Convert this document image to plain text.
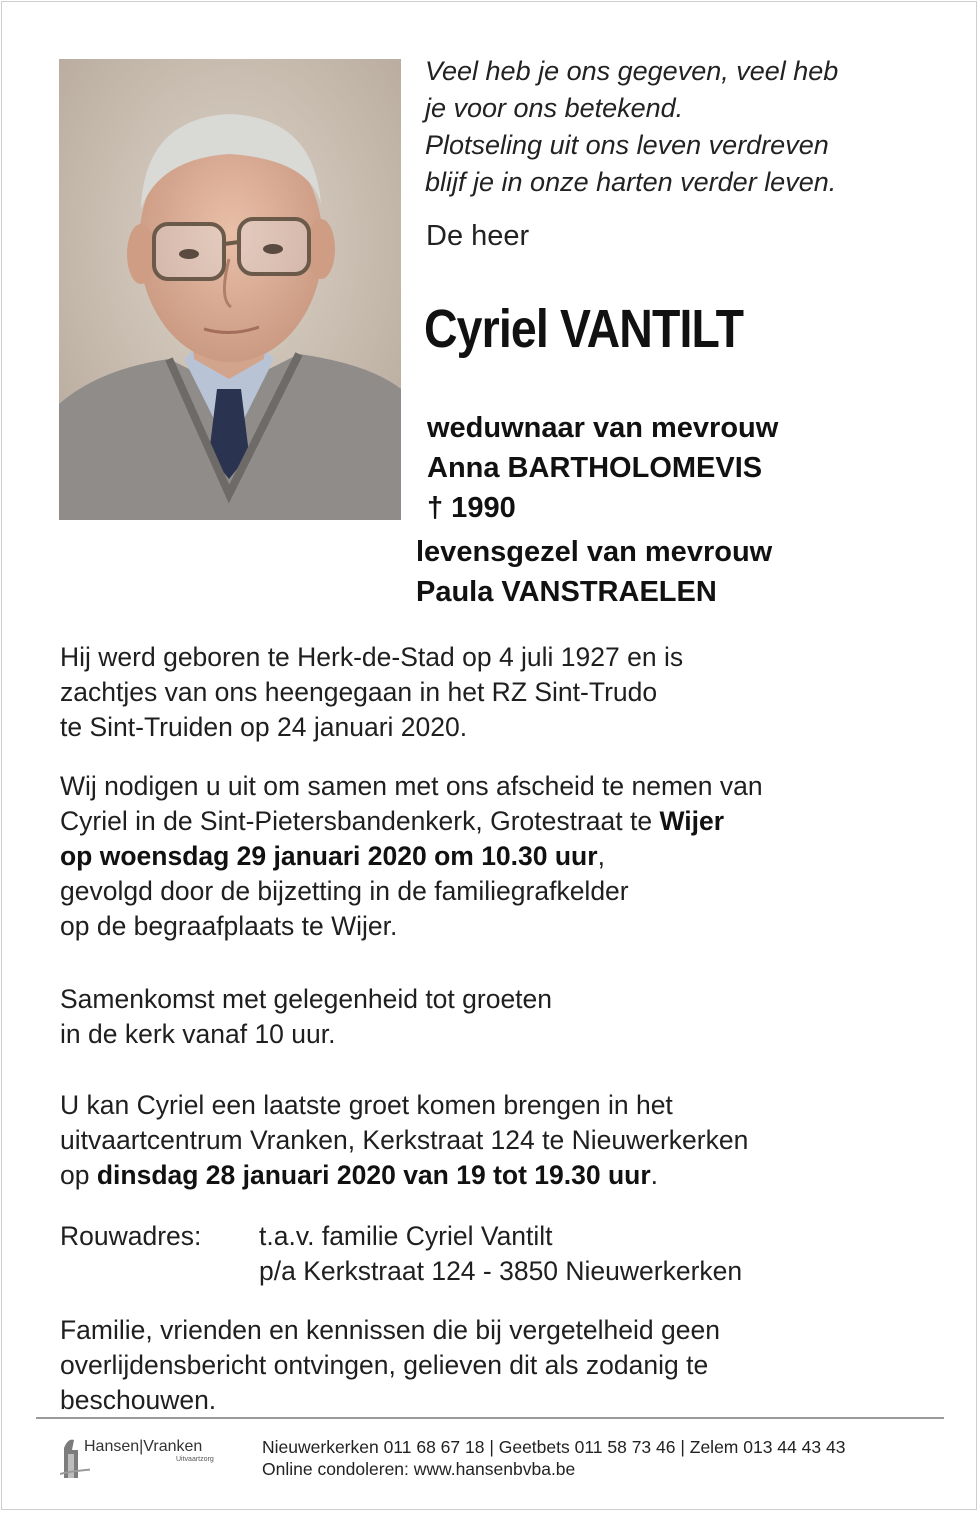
Veel heb je ons gegeven, veel heb
je voor ons betekend.
Plotseling uit ons leven verdreven
blijf je in onze harten verder leven.
De heer
Cyriel VANTILT
weduwnaar van mevrouw
Anna BARTHOLOMEVIS
† 1990
levensgezel van mevrouw
Paula VANSTRAELEN
Hij werd geboren te Herk-de-Stad op 4 juli 1927 en is
zachtjes van ons heengegaan in het RZ Sint-Trudo
te Sint-Truiden op 24 januari 2020.
Wij nodigen u uit om samen met ons afscheid te nemen van
Cyriel in de Sint-Pietersbandenkerk, Grotestraat te Wijer
op woensdag 29 januari 2020 om 10.30 uur,
gevolgd door de bijzetting in de familiegrafkelder
op de begraafplaats te Wijer.
Samenkomst met gelegenheid tot groeten
in de kerk vanaf 10 uur.
U kan Cyriel een laatste groet komen brengen in het
uitvaartcentrum Vranken, Kerkstraat 124 te Nieuwerkerken
op dinsdag 28 januari 2020 van 19 tot 19.30 uur.
Rouwadres: t.a.v. familie Cyriel Vantilt
p/a Kerkstraat 124 - 3850 Nieuwerkerken
Familie, vrienden en kennissen die bij vergetelheid geen
overlijdensbericht ontvingen, gelieven dit als zodanig te
beschouwen.
Hansen|Vranken
Uitvaartzorg
Nieuwerkerken 011 68 67 18 | Geetbets 011 58 73 46 | Zelem 013 44 43 43
Online condoleren: www.hansenbvba.be
